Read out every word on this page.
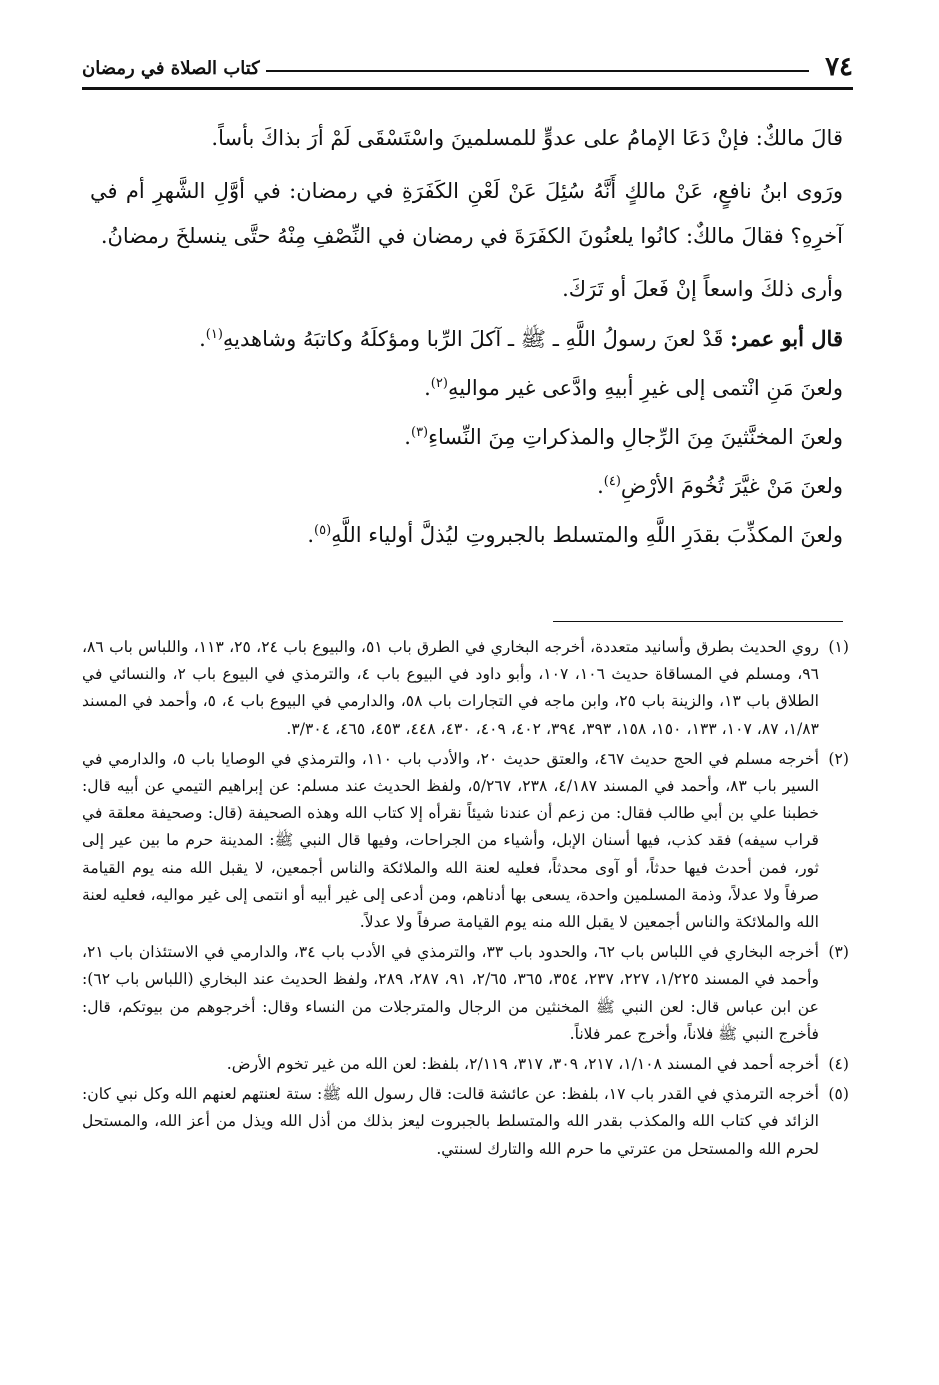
٧٤
كتاب الصلاة في رمضان

قالَ مالكٌ: فإنْ دَعَا الإمامُ على عدوٍّ للمسلمينَ واسْتَسْقَى لَمْ أرَ بذاكَ بأساً.

ورَوى ابنُ نافعٍ، عَنْ مالكٍ أَنَّهُ سُئِلَ عَنْ لَعْنِ الكَفَرَةِ في رمضان: في أوَّلِ الشَّهرِ أم في آخرِهِ؟ فقالَ مالكٌ: كانُوا يلعنُونَ الكفَرَةَ في رمضان في النِّصْفِ مِنْهُ حتَّى ينسلخَ رمضانُ.

وأرى ذلكَ واسعاً إنْ فَعلَ أو تَرَكَ.

قال أبو عمر: قَدْ لعنَ رسولُ اللَّهِ ـ ﷺ ـ آكلَ الرِّبا ومؤكلَهُ وكاتبَهُ وشاهديهِ$^{(١)}$.

ولعنَ مَنِ انْتمى إلى غيرِ أبيهِ وادَّعى غير مواليهِ$^{(٢)}$.

ولعنَ المخنَّثينَ مِنَ الرِّجالِ والمذكراتِ مِنَ النِّساءِ$^{(٣)}$.

ولعنَ مَنْ غيَّرَ تُخُومَ الأرْضِ$^{(٤)}$.

ولعنَ المكذِّبَ بقدَرِ اللَّهِ والمتسلط بالجبروتِ ليُذلَّ أولياء اللَّهِ$^{(٥)}$.

(١)
روي الحديث بطرق وأسانيد متعددة، أخرجه البخاري في الطرق باب ٥١، والبيوع باب ٢٤، ٢٥، ١١٣، واللباس باب ٨٦، ٩٦، ومسلم في المساقاة حديث ١٠٦، ١٠٧، وأبو داود في البيوع باب ٤، والترمذي في البيوع باب ٢، والنسائي في الطلاق باب ١٣، والزينة باب ٢٥، وابن ماجه في التجارات باب ٥٨، والدارمي في البيوع باب ٤، ٥، وأحمد في المسند ١/٨٣، ٨٧، ١٠٧، ١٣٣، ١٥٠، ١٥٨، ٣٩٣، ٣٩٤، ٤٠٢، ٤٠٩، ٤٣٠، ٤٤٨، ٤٥٣، ٤٦٥، ٣/٣٠٤.
(٢)
أخرجه مسلم في الحج حديث ٤٦٧، والعتق حديث ٢٠، والأدب باب ١١٠، والترمذي في الوصايا باب ٥، والدارمي في السير باب ٨٣، وأحمد في المسند ٤/١٨٧، ٢٣٨، ٥/٢٦٧، ولفظ الحديث عند مسلم: عن إبراهيم التيمي عن أبيه قال: خطبنا علي بن أبي طالب فقال: من زعم أن عندنا شيئاً نقرأه إلا كتاب الله وهذه الصحيفة (قال: وصحيفة معلقة في قراب سيفه) فقد كذب، فيها أسنان الإبل، وأشياء من الجراحات، وفيها قال النبي ﷺ: المدينة حرم ما بين عير إلى ثور، فمن أحدث فيها حدثاً، أو آوى محدثاً، فعليه لعنة الله والملائكة والناس أجمعين، لا يقبل الله منه يوم القيامة صرفاً ولا عدلاً، وذمة المسلمين واحدة، يسعى بها أدناهم، ومن أدعى إلى غير أبيه أو انتمى إلى غير مواليه، فعليه لعنة الله والملائكة والناس أجمعين لا يقبل الله منه يوم القيامة صرفاً ولا عدلاً.
(٣)
أخرجه البخاري في اللباس باب ٦٢، والحدود باب ٣٣، والترمذي في الأدب باب ٣٤، والدارمي في الاستئذان باب ٢١، وأحمد في المسند ١/٢٢٥، ٢٢٧، ٢٣٧، ٣٥٤، ٣٦٥، ٢/٦٥، ٩١، ٢٨٧، ٢٨٩، ولفظ الحديث عند البخاري (اللباس باب ٦٢): عن ابن عباس قال: لعن النبي ﷺ المخنثين من الرجال والمترجلات من النساء وقال: أخرجوهم من بيوتكم، قال: فأخرج النبي ﷺ فلاناً، وأخرج عمر فلاناً.
(٤)
أخرجه أحمد في المسند ١/١٠٨، ٢١٧، ٣٠٩، ٣١٧، ٢/١١٩، بلفظ: لعن الله من غير تخوم الأرض.
(٥)
أخرجه الترمذي في القدر باب ١٧، بلفظ: عن عائشة قالت: قال رسول الله ﷺ: ستة لعنتهم لعنهم الله وكل نبي كان: الزائد في كتاب الله والمكذب بقدر الله والمتسلط بالجبروت ليعز بذلك من أذل الله ويذل من أعز الله، والمستحل لحرم الله والمستحل من عترتي ما حرم الله والتارك لسنتي.
